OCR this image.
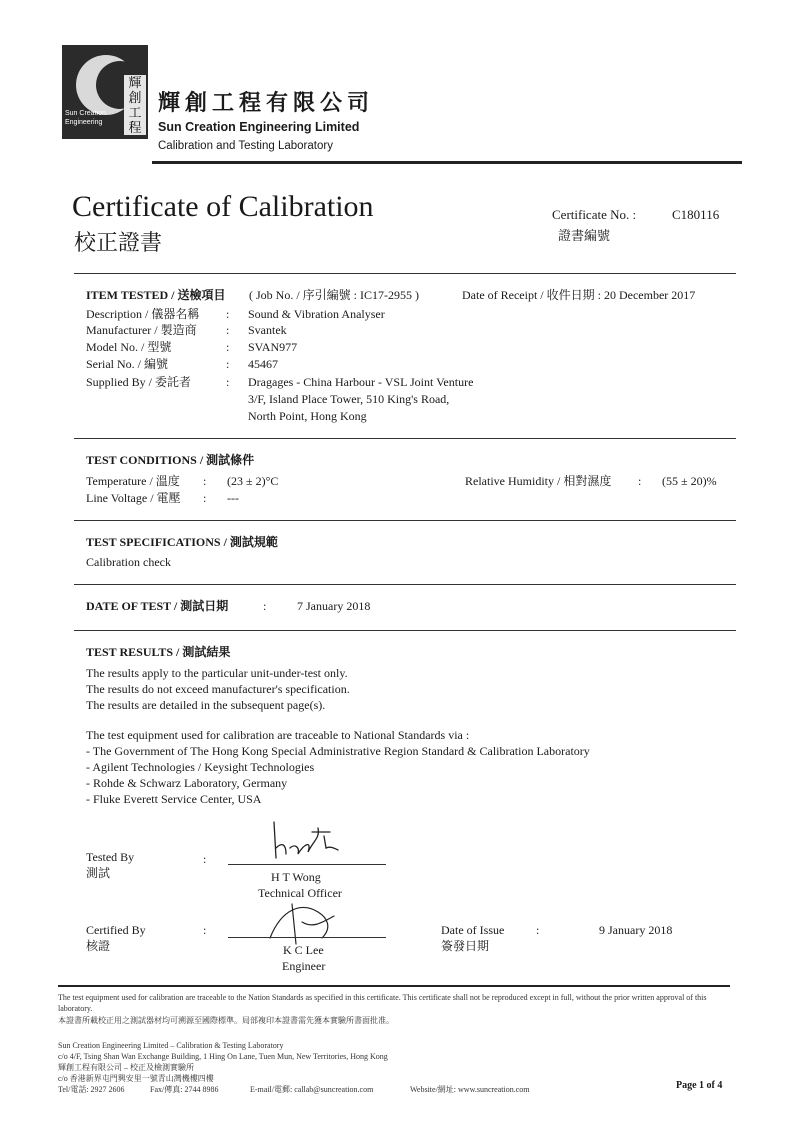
輝
創
工
程
Sun Creation Engineering
輝創工程有限公司
Sun Creation Engineering Limited
Calibration and Testing Laboratory
Certificate of Calibration
校正證書
Certificate No. :	C180116
證書編號
ITEM TESTED / 送檢項目 ( Job No. / 序引編號 : IC17-2955 )	Date of Receipt / 收件日期 : 20 December 2017
Description / 儀器名稱 : Sound & Vibration Analyser
Manufacturer / 製造商 : Svantek
Model No. / 型號	: SVAN977
Serial No. / 編號	: 45467
Supplied By / 委託者	: Dragages - China Harbour - VSL Joint Venture
3/F, Island Place Tower, 510 King's Road,
North Point, Hong Kong
TEST CONDITIONS / 測試條件
Temperature / 溫度 : (23 ± 2)°C	Relative Humidity / 相對濕度 : (55 ± 20)%
Line Voltage / 電壓 : ---
TEST SPECIFICATIONS / 測試規範
Calibration check
DATE OF TEST / 測試日期	:	7 January 2018
TEST RESULTS / 測試結果
The results apply to the particular unit-under-test only.
The results do not exceed manufacturer's specification.
The results are detailed in the subsequent page(s).
The test equipment used for calibration are traceable to National Standards via :
- The Government of The Hong Kong Special Administrative Region Standard & Calibration Laboratory
- Agilent Technologies / Keysight Technologies
- Rohde & Schwarz Laboratory, Germany
- Fluke Everett Service Center, USA
Tested By
測試
:
H T Wong
Technical Officer
Certified By
核證
:
K C Lee
Engineer
Date of Issue
簽發日期
:	9 January 2018
The test equipment used for calibration are traceable to the Nation Standards as specified in this certificate. This certificate shall not be reproduced except in full, without the prior written approval of this laboratory.
本證書所載校正用之測試器材均可溯源至國際標準。局部複印本證書需先獲本實驗所書面批准。
Sun Creation Engineering Limited – Calibration & Testing Laboratory
c/o 4/F, Tsing Shan Wan Exchange Building, 1 Hing On Lane, Tuen Mun, New Territories, Hong Kong
輝創工程有限公司 – 校正及檢測實驗所
c/o 香港新界屯門興安里一號青山灣機樓四樓
Tel/電話: 2927 2606	Fax/傳真: 2744 8986	E-mail/電郵: callab@suncreation.com	Website/網址: www.suncreation.com	Page 1 of 4
